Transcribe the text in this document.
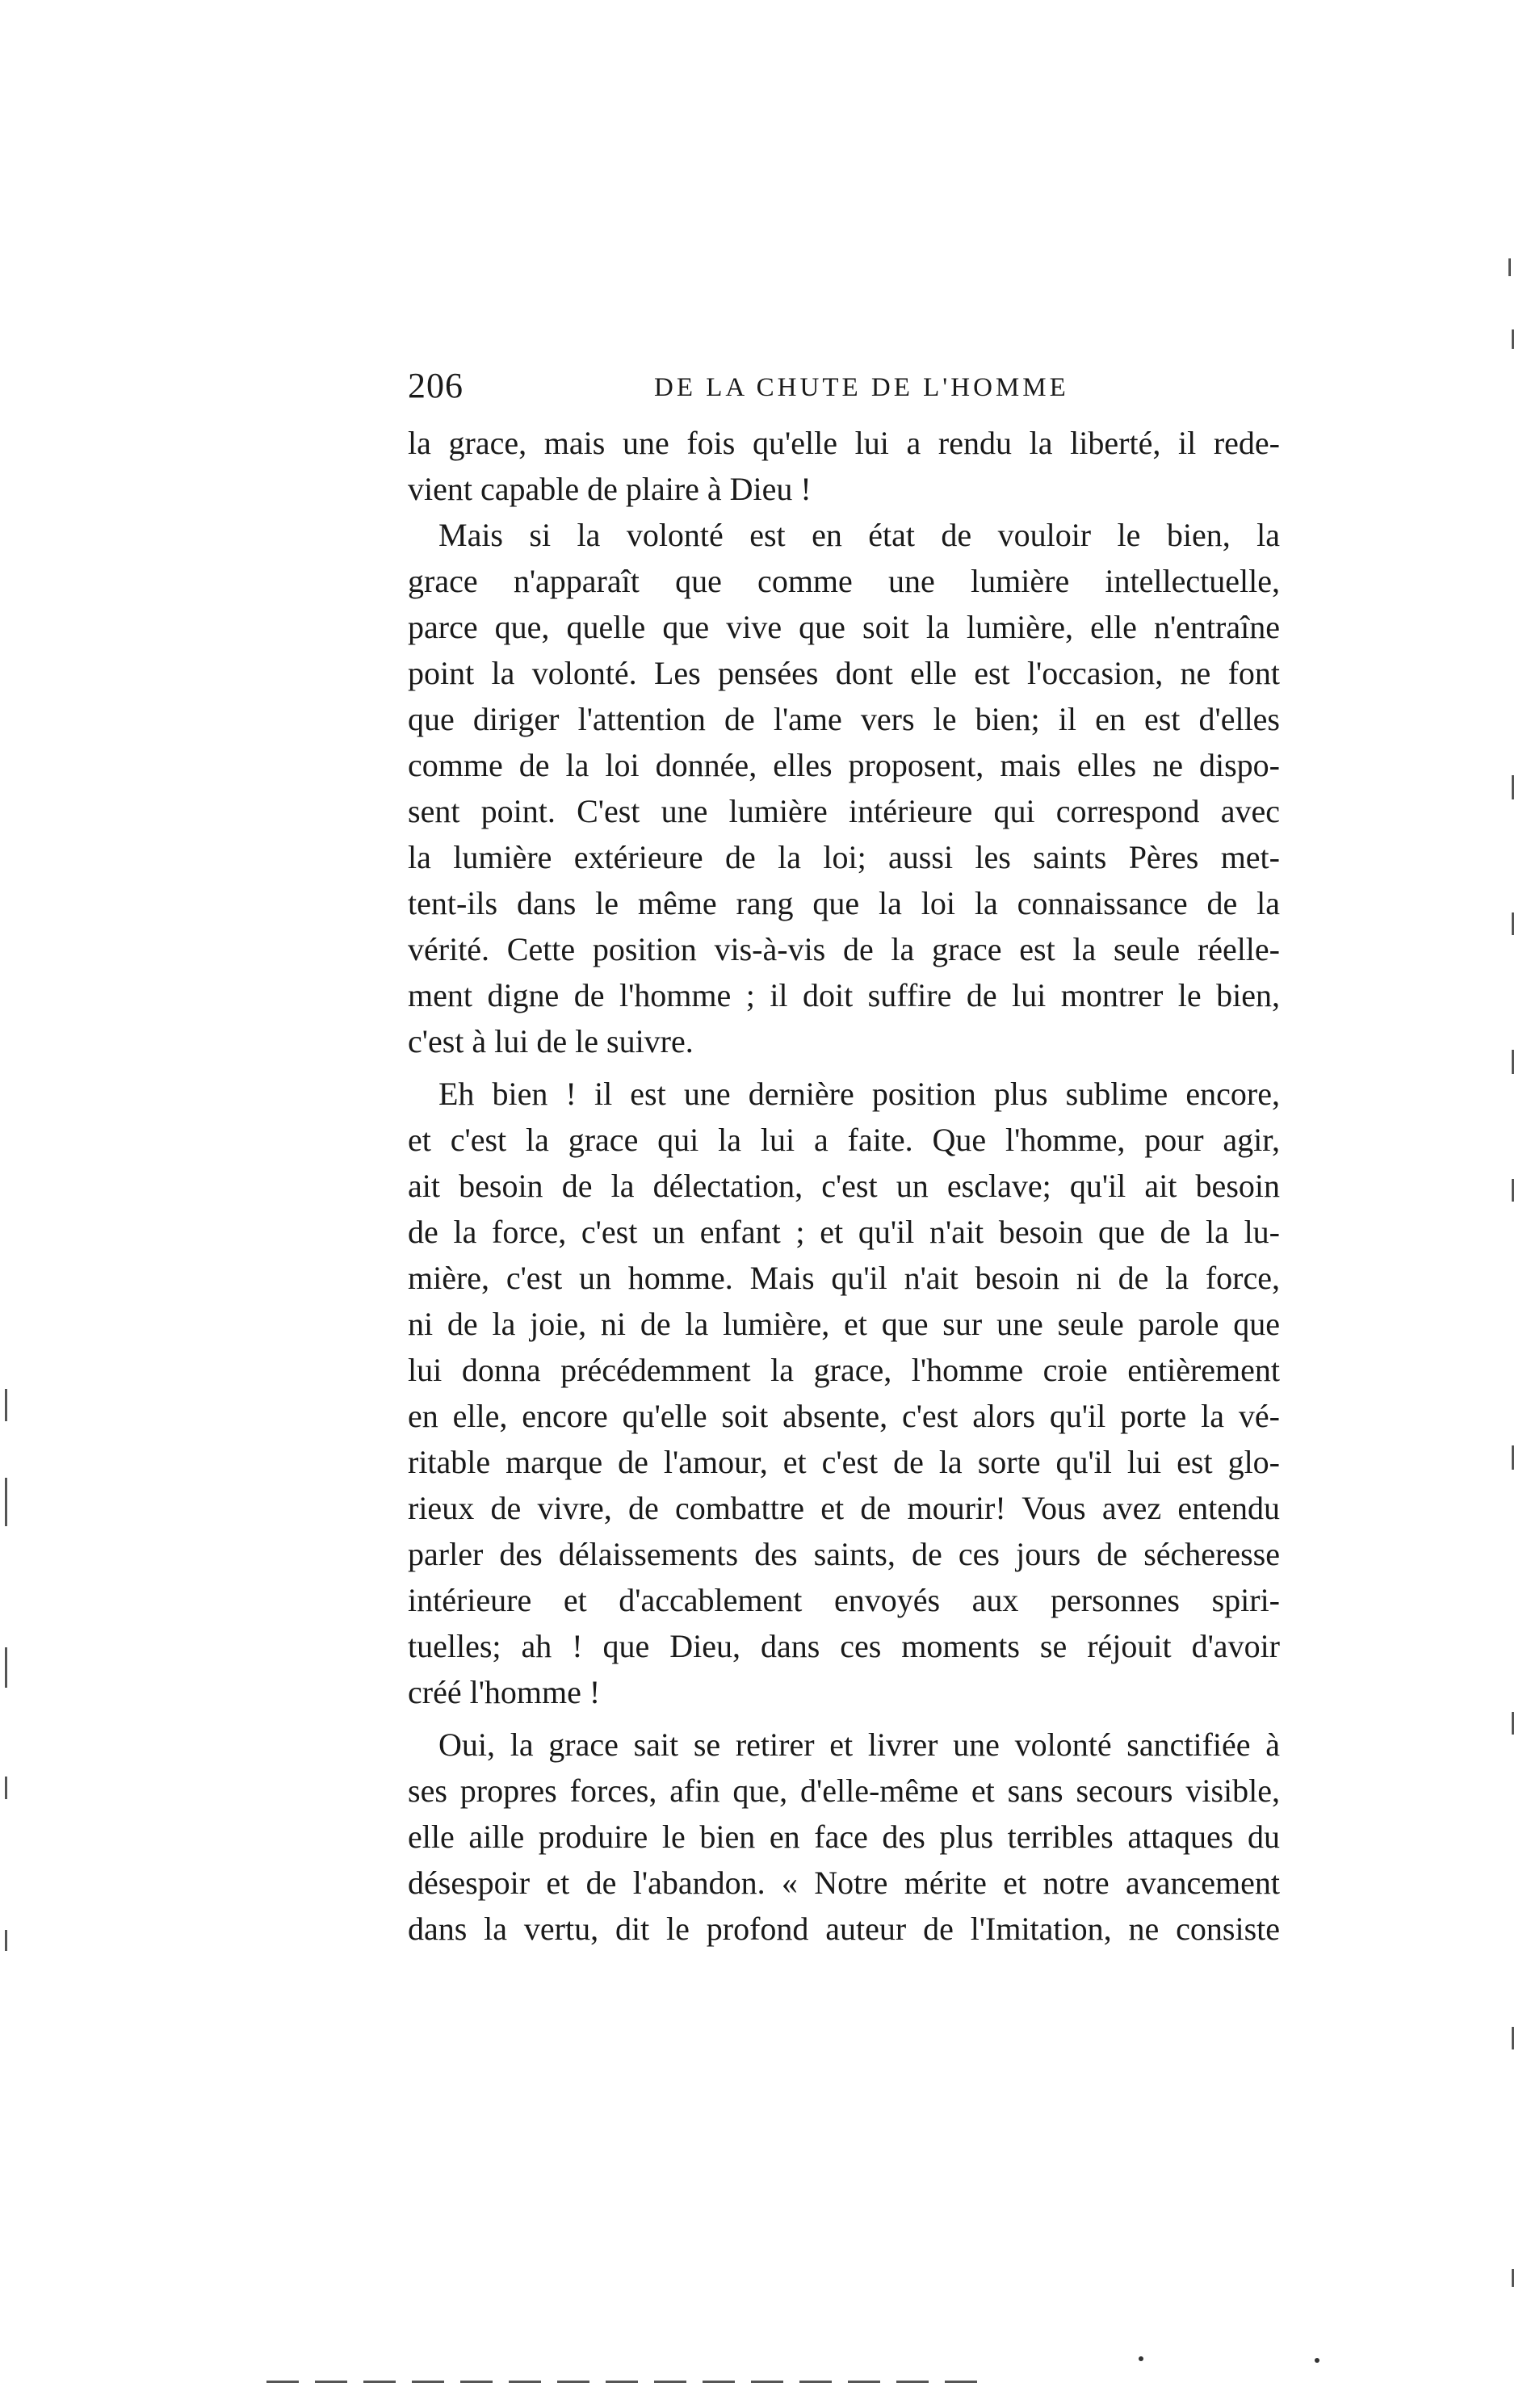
206	DE LA CHUTE DE L'HOMME
la grace, mais une fois qu'elle lui a rendu la liberté, il rede-
vient capable de plaire à Dieu !
Mais si la volonté est en état de vouloir le bien, la
grace n'apparaît que comme une lumière intellectuelle,
parce que, quelle que vive que soit la lumière, elle n'entraîne
point la volonté. Les pensées dont elle est l'occasion, ne font
que diriger l'attention de l'ame vers le bien; il en est d'elles
comme de la loi donnée, elles proposent, mais elles ne dispo-
sent point. C'est une lumière intérieure qui correspond avec
la lumière extérieure de la loi; aussi les saints Pères met-
tent-ils dans le même rang que la loi la connaissance de la
vérité. Cette position vis-à-vis de la grace est la seule réelle-
ment digne de l'homme ; il doit suffire de lui montrer le bien,
c'est à lui de le suivre.
Eh bien ! il est une dernière position plus sublime encore,
et c'est la grace qui la lui a faite. Que l'homme, pour agir,
ait besoin de la délectation, c'est un esclave; qu'il ait besoin
de la force, c'est un enfant ; et qu'il n'ait besoin que de la lu-
mière, c'est un homme. Mais qu'il n'ait besoin ni de la force,
ni de la joie, ni de la lumière, et que sur une seule parole que
lui donna précédemment la grace, l'homme croie entièrement
en elle, encore qu'elle soit absente, c'est alors qu'il porte la vé-
ritable marque de l'amour, et c'est de la sorte qu'il lui est glo-
rieux de vivre, de combattre et de mourir! Vous avez entendu
parler des délaissements des saints, de ces jours de sécheresse
intérieure et d'accablement envoyés aux personnes spiri-
tuelles; ah ! que Dieu, dans ces moments se réjouit d'avoir
créé l'homme !
Oui, la grace sait se retirer et livrer une volonté sanctifiée à
ses propres forces, afin que, d'elle-même et sans secours visible,
elle aille produire le bien en face des plus terribles attaques du
désespoir et de l'abandon. « Notre mérite et notre avancement
dans la vertu, dit le profond auteur de l'Imitation, ne consiste
